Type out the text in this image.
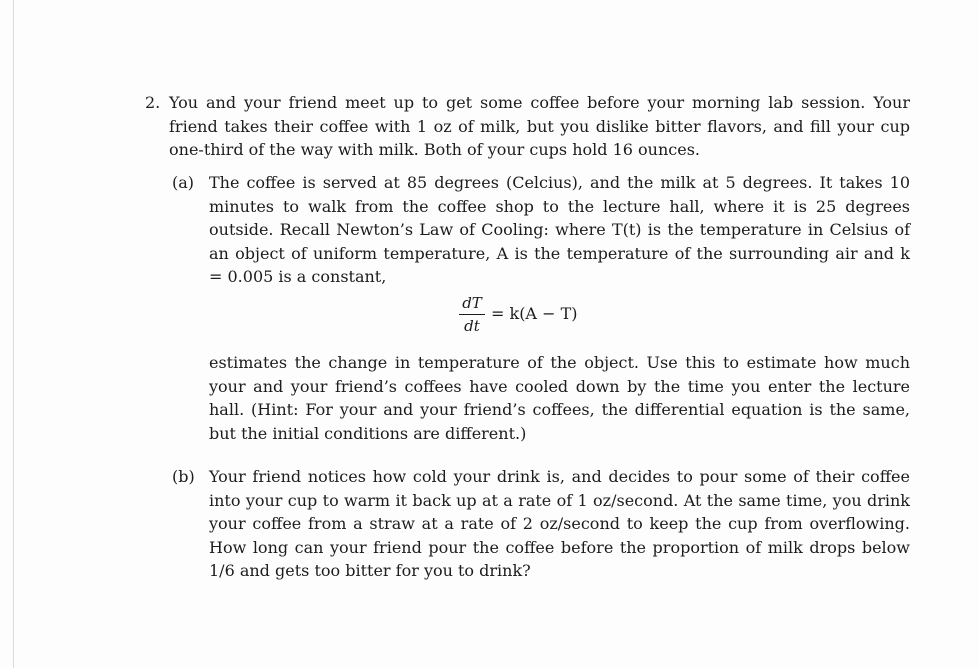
2. You and your friend meet up to get some coffee before your morning lab session. Your friend takes their coffee with 1 oz of milk, but you dislike bitter flavors, and fill your cup one-third of the way with milk. Both of your cups hold 16 ounces.
(a) The coffee is served at 85 degrees (Celcius), and the milk at 5 degrees. It takes 10 minutes to walk from the coffee shop to the lecture hall, where it is 25 degrees outside. Recall Newton’s Law of Cooling: where T(t) is the temperature in Celsius of an object of uniform temperature, A is the temperature of the surrounding air and k = 0.005 is a constant,
dT
dt
= k(A − T)
estimates the change in temperature of the object. Use this to estimate how much your and your friend’s coffees have cooled down by the time you enter the lecture hall. (Hint: For your and your friend’s coffees, the differential equation is the same, but the initial conditions are different.)
(b) Your friend notices how cold your drink is, and decides to pour some of their coffee into your cup to warm it back up at a rate of 1 oz/second. At the same time, you drink your coffee from a straw at a rate of 2 oz/second to keep the cup from overflowing. How long can your friend pour the coffee before the proportion of milk drops below 1/6 and gets too bitter for you to drink?
